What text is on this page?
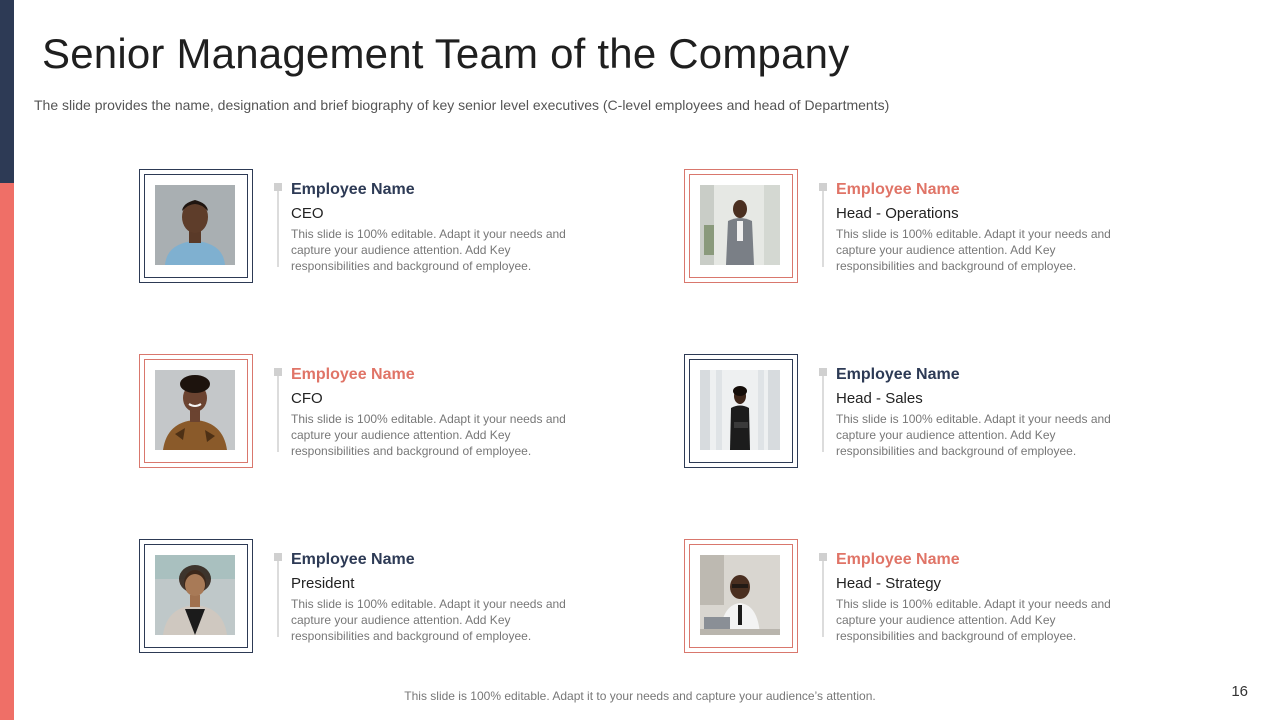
Senior Management Team of the Company

The slide provides the name, designation and brief biography of key senior level executives (C-level employees and head of Departments)

Employee Name

CEO

This slide is 100% editable. Adapt it your needs and capture your audience attention. Add Key responsibilities and background of employee.

Employee Name

Head - Operations

This slide is 100% editable. Adapt it your needs and capture your audience attention. Add Key responsibilities and background of employee.

Employee Name

CFO

This slide is 100% editable. Adapt it your needs and capture your audience attention. Add Key responsibilities and background of employee.

Employee Name

Head - Sales

This slide is 100% editable. Adapt it your needs and capture your audience attention. Add Key responsibilities and background of employee.

Employee Name

President

This slide is 100% editable. Adapt it your needs and capture your audience attention. Add Key responsibilities and background of employee.

Employee Name

Head - Strategy

This slide is 100% editable. Adapt it your needs and capture your audience attention. Add Key responsibilities and background of employee.

This slide is 100% editable. Adapt it to your needs and capture your audience’s attention.	16
